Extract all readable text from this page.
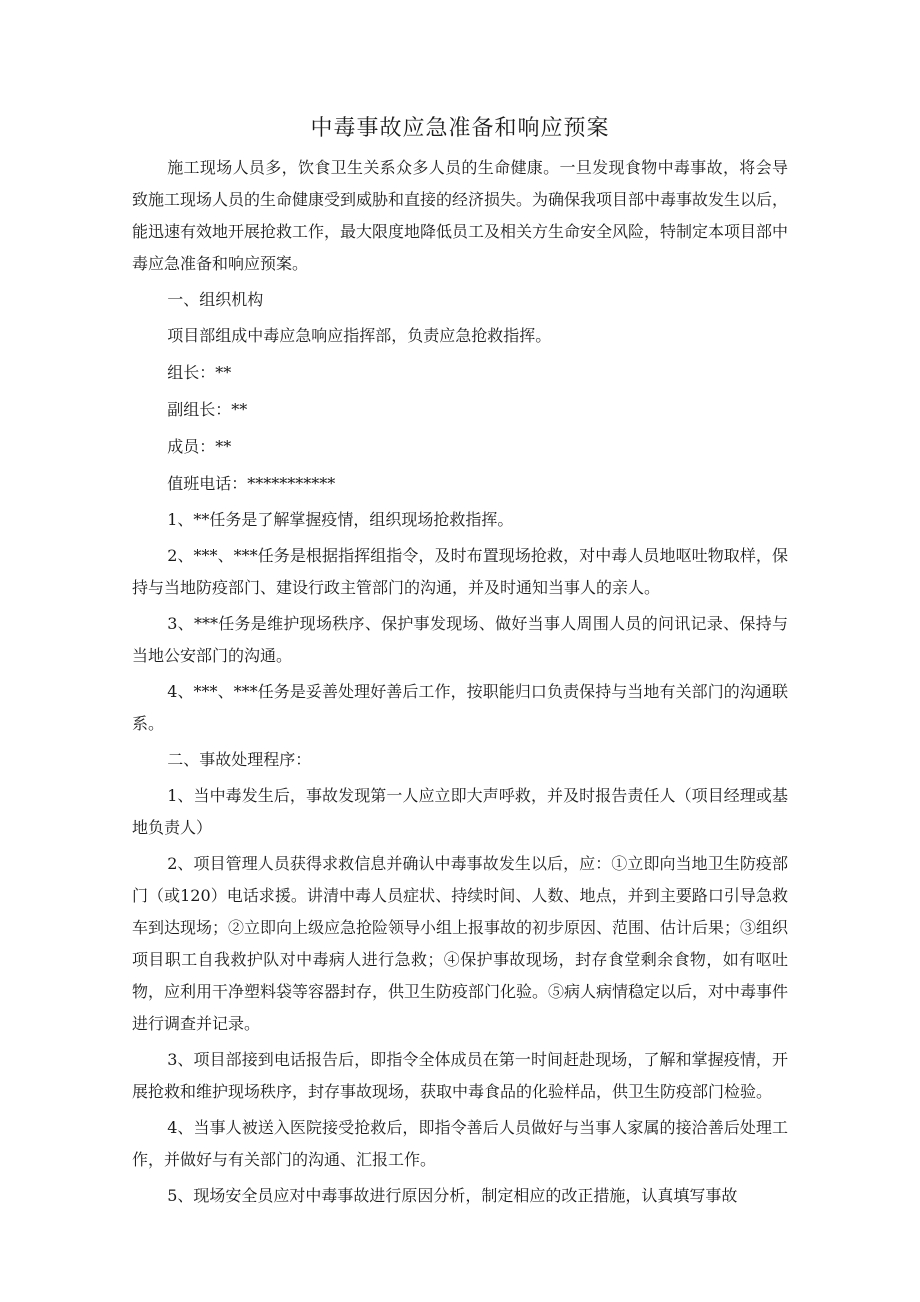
中毒事故应急准备和响应预案

施工现场人员多，饮食卫生关系众多人员的生命健康。一旦发现食物中毒事故，将会导致施工现场人员的生命健康受到威胁和直接的经济损失。为确保我项目部中毒事故发生以后，能迅速有效地开展抢救工作，最大限度地降低员工及相关方生命安全风险，特制定本项目部中毒应急准备和响应预案。

一、组织机构

项目部组成中毒应急响应指挥部，负责应急抢救指挥。

组长：**

副组长：**

成员：**

值班电话：***********

1、**任务是了解掌握疫情，组织现场抢救指挥。

2、***、***任务是根据指挥组指令，及时布置现场抢救，对中毒人员地呕吐物取样，保持与当地防疫部门、建设行政主管部门的沟通，并及时通知当事人的亲人。

3、***任务是维护现场秩序、保护事发现场、做好当事人周围人员的问讯记录、保持与当地公安部门的沟通。

4、***、***任务是妥善处理好善后工作，按职能归口负责保持与当地有关部门的沟通联系。

二、事故处理程序：

1、当中毒发生后，事故发现第一人应立即大声呼救，并及时报告责任人（项目经理或基地负责人）

2、项目管理人员获得求救信息并确认中毒事故发生以后，应：①立即向当地卫生防疫部门（或120）电话求援。讲清中毒人员症状、持续时间、人数、地点，并到主要路口引导急救车到达现场；②立即向上级应急抢险领导小组上报事故的初步原因、范围、估计后果；③组织项目职工自我救护队对中毒病人进行急救；④保护事故现场，封存食堂剩余食物，如有呕吐物，应利用干净塑料袋等容器封存，供卫生防疫部门化验。⑤病人病情稳定以后，对中毒事件进行调查并记录。

3、项目部接到电话报告后，即指令全体成员在第一时间赶赴现场，了解和掌握疫情，开展抢救和维护现场秩序，封存事故现场，获取中毒食品的化验样品，供卫生防疫部门检验。

4、当事人被送入医院接受抢救后，即指令善后人员做好与当事人家属的接洽善后处理工作，并做好与有关部门的沟通、汇报工作。

5、现场安全员应对中毒事故进行原因分析，制定相应的改正措施，认真填写事故
